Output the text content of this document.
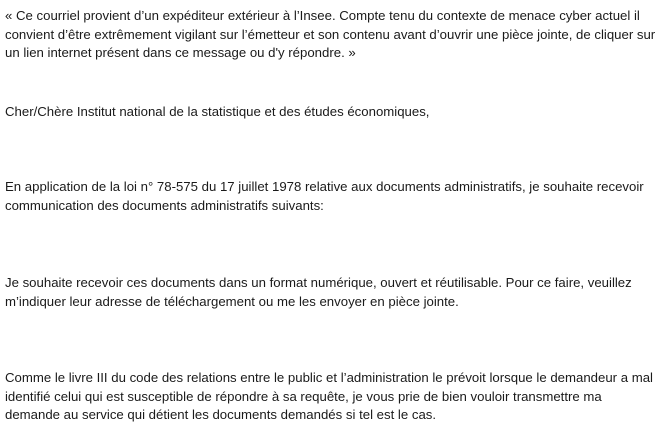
« Ce courriel provient d’un expéditeur extérieur à l’Insee. Compte tenu du contexte de menace cyber actuel il convient d’être extrêmement vigilant sur l’émetteur et son contenu avant d’ouvrir une pièce jointe, de cliquer sur un lien internet présent dans ce message ou d'y répondre. »

Cher/Chère Institut national de la statistique et des études économiques,

En application de la loi n° 78-575 du 17 juillet 1978 relative aux documents administratifs, je souhaite recevoir communication des documents administratifs suivants:

Je souhaite recevoir ces documents dans un format numérique, ouvert et réutilisable. Pour ce faire, veuillez m’indiquer leur adresse de téléchargement ou me les envoyer en pièce jointe.

Comme le livre III du code des relations entre le public et l’administration le prévoit lorsque le demandeur a mal identifié celui qui est susceptible de répondre à sa requête, je vous prie de bien vouloir transmettre ma demande au service qui détient les documents demandés si tel est le cas.
